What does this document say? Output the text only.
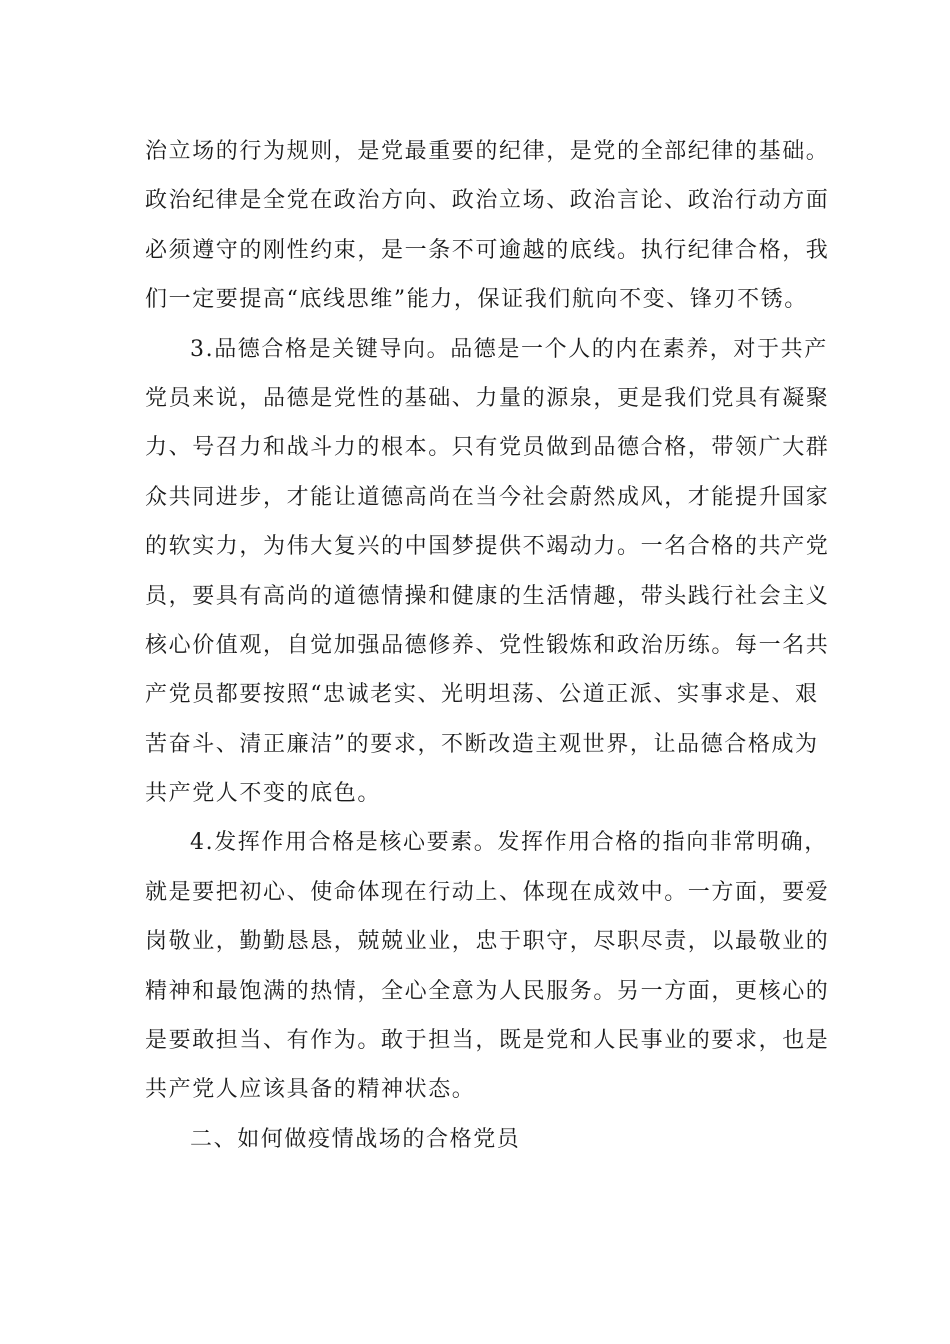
治立场的行为规则，是党最重要的纪律，是党的全部纪律的基础。
政治纪律是全党在政治方向、政治立场、政治言论、政治行动方面
必须遵守的刚性约束，是一条不可逾越的底线。执行纪律合格，我
们一定要提高“底线思维”能力，保证我们航向不变、锋刃不锈。
3.品德合格是关键导向。品德是一个人的内在素养，对于共产
党员来说，品德是党性的基础、力量的源泉，更是我们党具有凝聚
力、号召力和战斗力的根本。只有党员做到品德合格，带领广大群
众共同进步，才能让道德高尚在当今社会蔚然成风，才能提升国家
的软实力，为伟大复兴的中国梦提供不竭动力。一名合格的共产党
员，要具有高尚的道德情操和健康的生活情趣，带头践行社会主义
核心价值观，自觉加强品德修养、党性锻炼和政治历练。每一名共
产党员都要按照“忠诚老实、光明坦荡、公道正派、实事求是、艰
苦奋斗、清正廉洁”的要求，不断改造主观世界，让品德合格成为
共产党人不变的底色。
4.发挥作用合格是核心要素。发挥作用合格的指向非常明确，
就是要把初心、使命体现在行动上、体现在成效中。一方面，要爱
岗敬业，勤勤恳恳，兢兢业业，忠于职守，尽职尽责，以最敬业的
精神和最饱满的热情，全心全意为人民服务。另一方面，更核心的
是要敢担当、有作为。敢于担当，既是党和人民事业的要求，也是
共产党人应该具备的精神状态。
二、如何做疫情战场的合格党员
